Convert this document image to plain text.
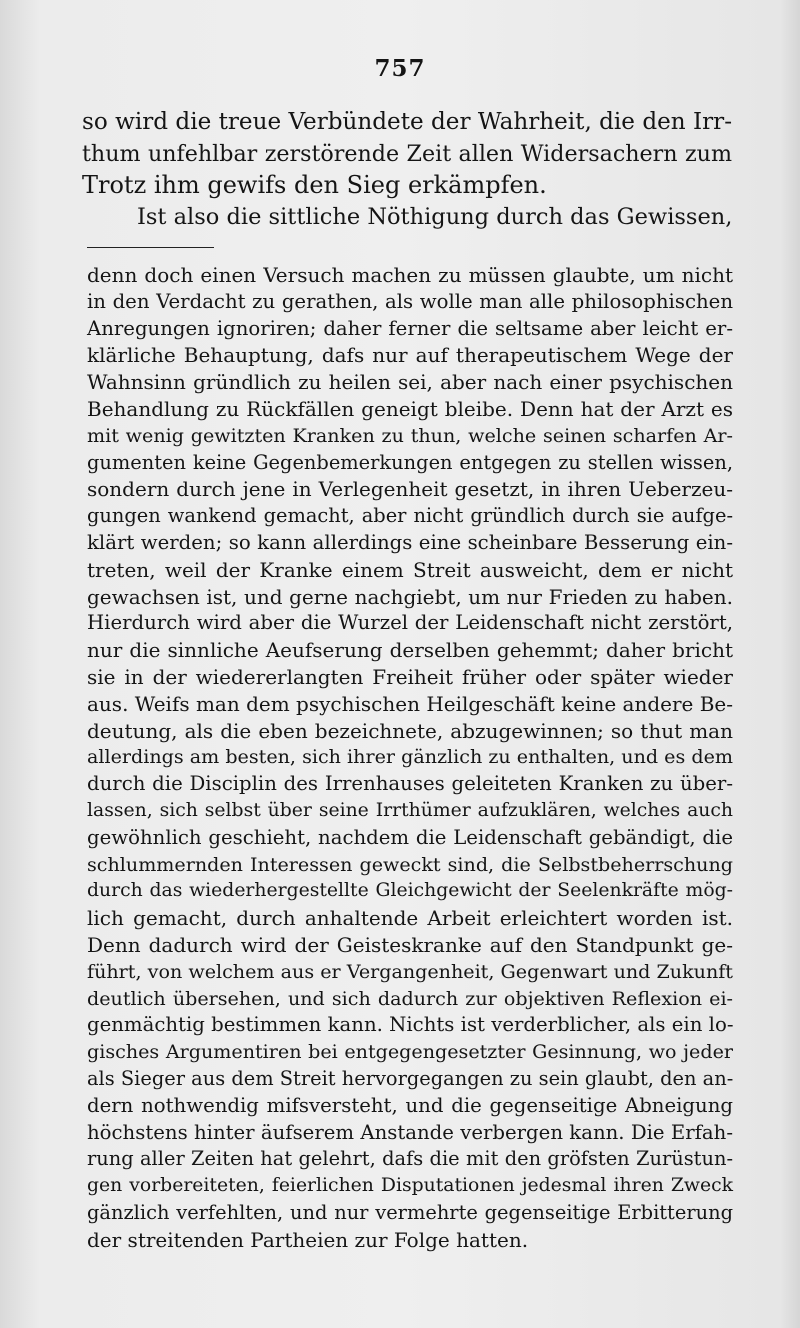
757
so wird die treue Verbündete der Wahrheit, die den Irr-
thum unfehlbar zerstörende Zeit allen Widersachern zum
Trotz ihm gewifs den Sieg erkämpfen.
Ist also die sittliche Nöthigung durch das Gewissen,
denn doch einen Versuch machen zu müssen glaubte, um nicht
in den Verdacht zu gerathen, als wolle man alle philosophischen
Anregungen ignoriren; daher ferner die seltsame aber leicht er-
klärliche Behauptung, dafs nur auf therapeutischem Wege der
Wahnsinn gründlich zu heilen sei, aber nach einer psychischen
Behandlung zu Rückfällen geneigt bleibe. Denn hat der Arzt es
mit wenig gewitzten Kranken zu thun, welche seinen scharfen Ar-
gumenten keine Gegenbemerkungen entgegen zu stellen wissen,
sondern durch jene in Verlegenheit gesetzt, in ihren Ueberzeu-
gungen wankend gemacht, aber nicht gründlich durch sie aufge-
klärt werden; so kann allerdings eine scheinbare Besserung ein-
treten, weil der Kranke einem Streit ausweicht, dem er nicht
gewachsen ist, und gerne nachgiebt, um nur Frieden zu haben.
Hierdurch wird aber die Wurzel der Leidenschaft nicht zerstört,
nur die sinnliche Aeufserung derselben gehemmt; daher bricht
sie in der wiedererlangten Freiheit früher oder später wieder
aus. Weifs man dem psychischen Heilgeschäft keine andere Be-
deutung, als die eben bezeichnete, abzugewinnen; so thut man
allerdings am besten, sich ihrer gänzlich zu enthalten, und es dem
durch die Disciplin des Irrenhauses geleiteten Kranken zu über-
lassen, sich selbst über seine Irrthümer aufzuklären, welches auch
gewöhnlich geschieht, nachdem die Leidenschaft gebändigt, die
schlummernden Interessen geweckt sind, die Selbstbeherrschung
durch das wiederhergestellte Gleichgewicht der Seelenkräfte mög-
lich gemacht, durch anhaltende Arbeit erleichtert worden ist.
Denn dadurch wird der Geisteskranke auf den Standpunkt ge-
führt, von welchem aus er Vergangenheit, Gegenwart und Zukunft
deutlich übersehen, und sich dadurch zur objektiven Reflexion ei-
genmächtig bestimmen kann. Nichts ist verderblicher, als ein lo-
gisches Argumentiren bei entgegengesetzter Gesinnung, wo jeder
als Sieger aus dem Streit hervorgegangen zu sein glaubt, den an-
dern nothwendig mifsversteht, und die gegenseitige Abneigung
höchstens hinter äufserem Anstande verbergen kann. Die Erfah-
rung aller Zeiten hat gelehrt, dafs die mit den gröfsten Zurüstun-
gen vorbereiteten, feierlichen Disputationen jedesmal ihren Zweck
gänzlich verfehlten, und nur vermehrte gegenseitige Erbitterung
der streitenden Partheien zur Folge hatten.
